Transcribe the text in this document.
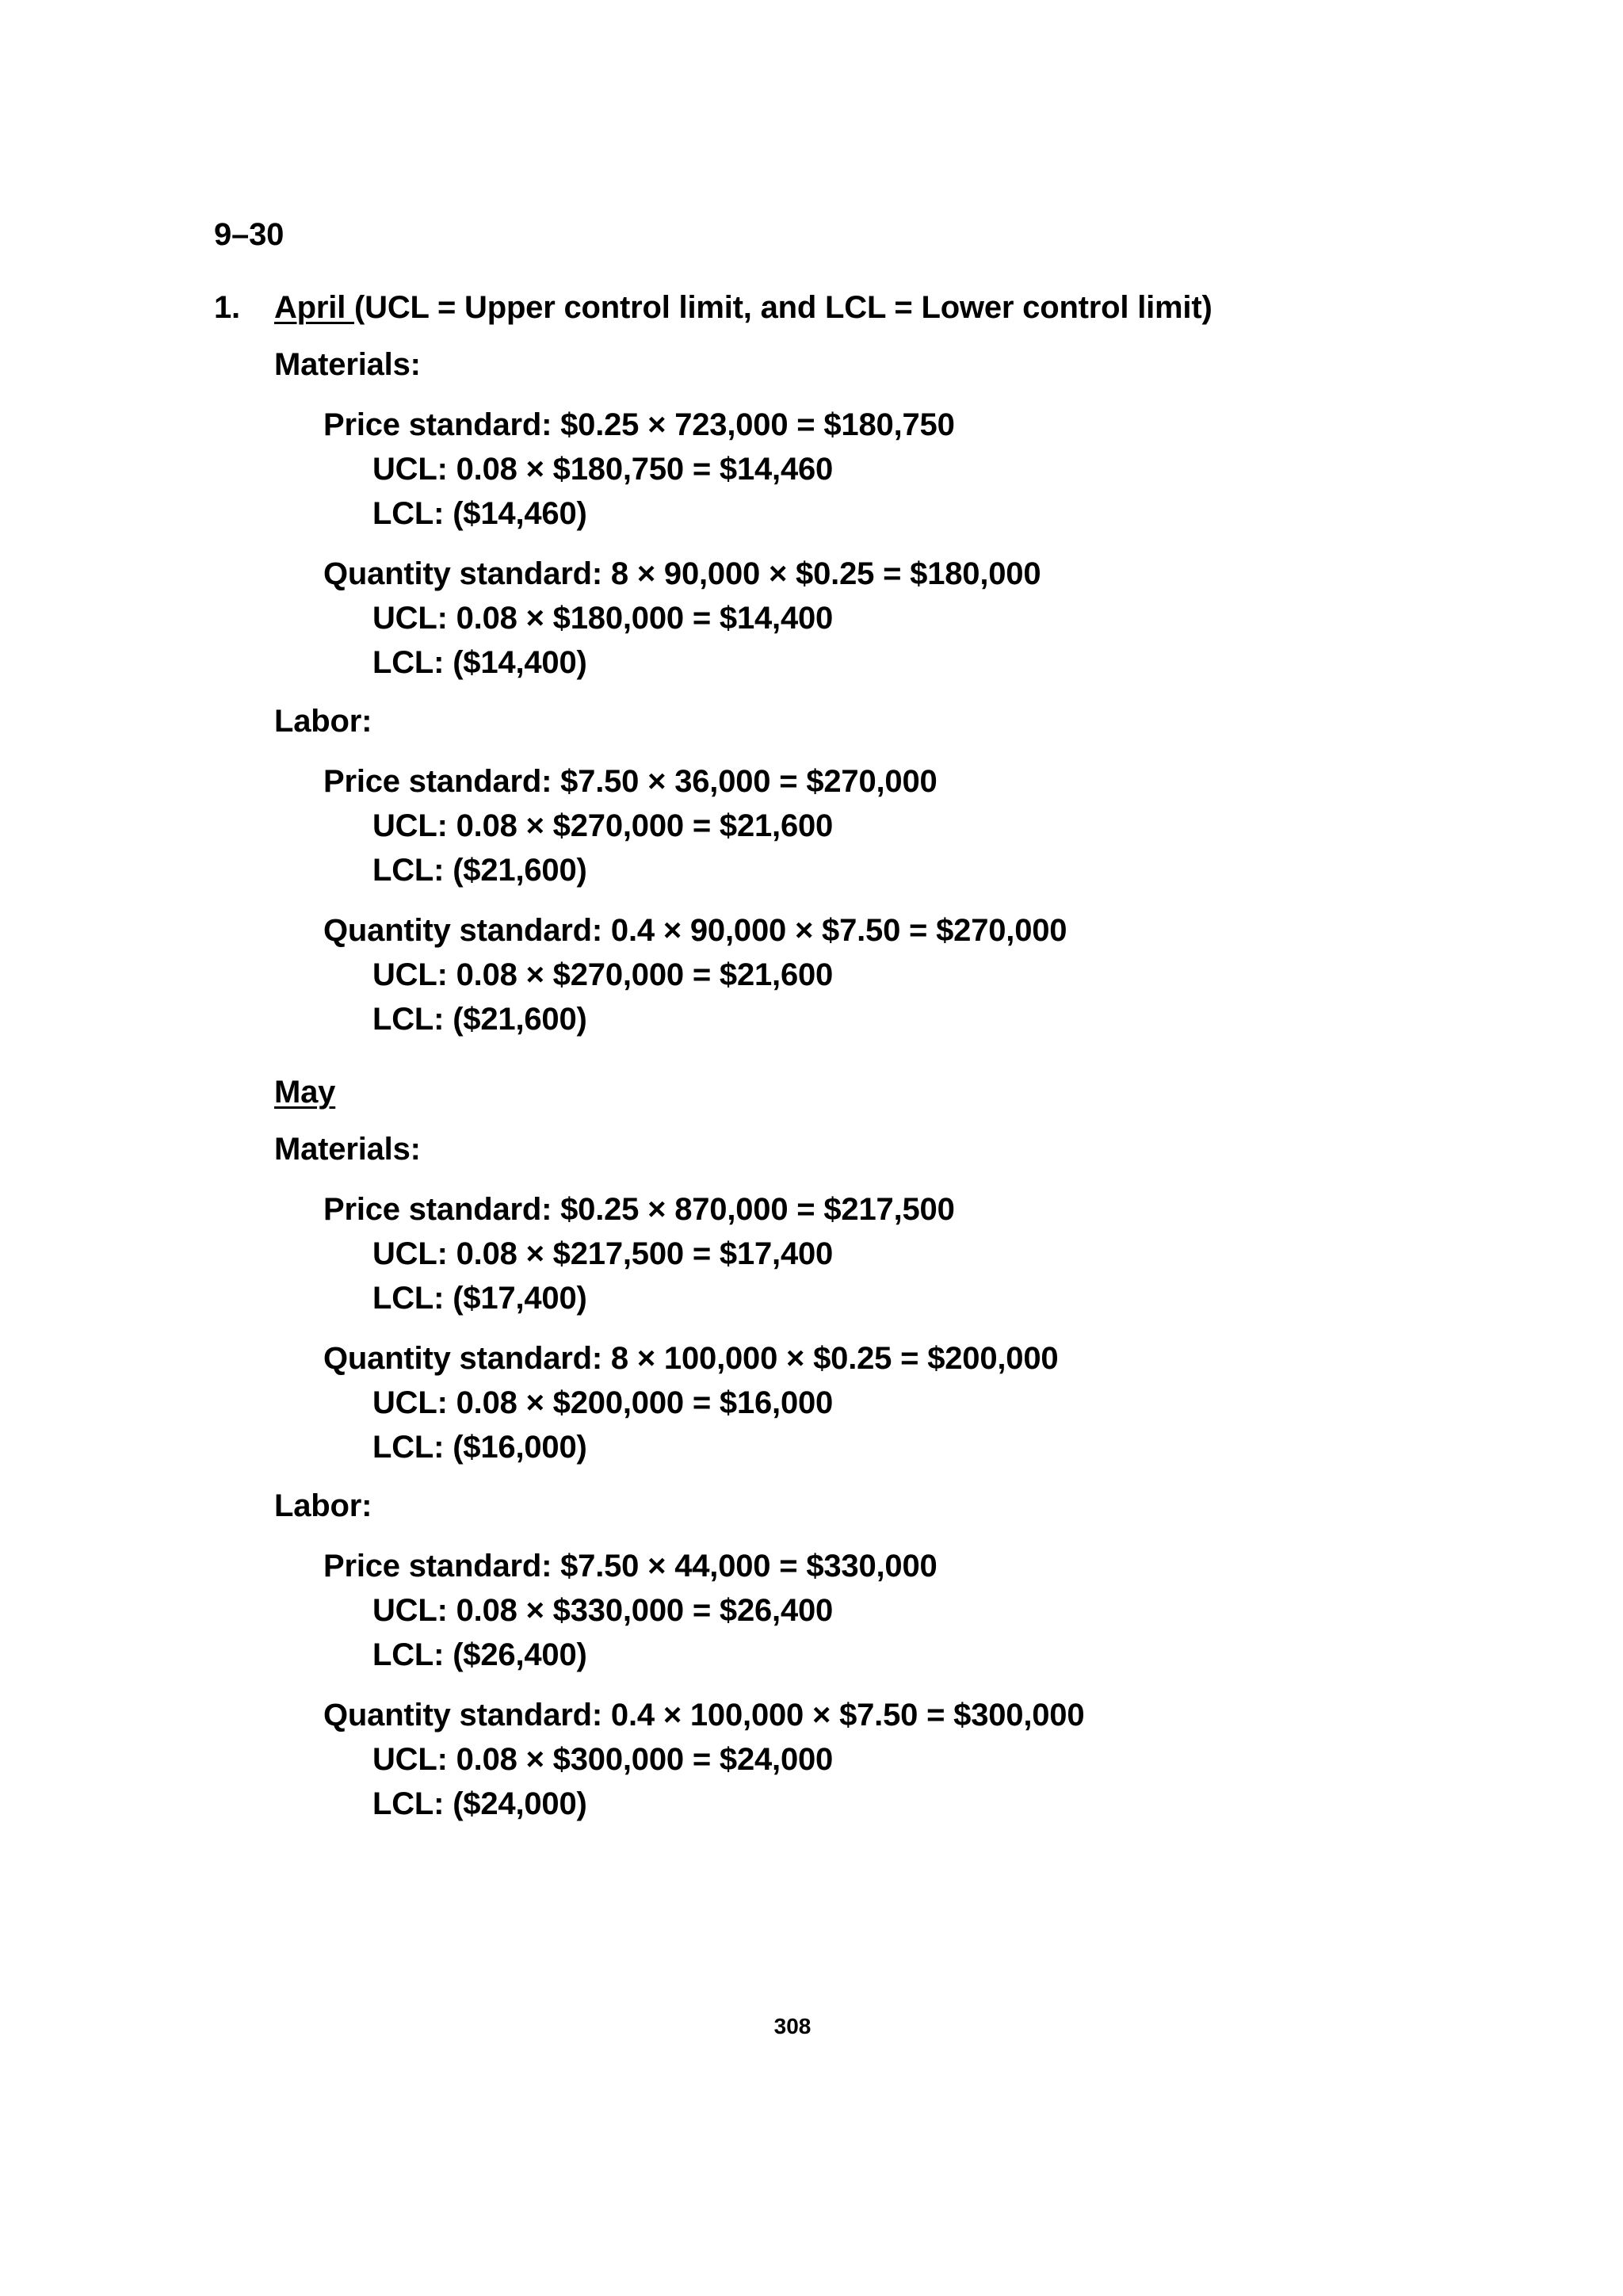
9–30
1. April (UCL = Upper control limit, and LCL = Lower control limit)
Materials:
Price standard: $0.25 × 723,000 = $180,750
UCL: 0.08 × $180,750 = $14,460
LCL: ($14,460)
Quantity standard: 8 × 90,000 × $0.25 = $180,000
UCL: 0.08 × $180,000 = $14,400
LCL: ($14,400)
Labor:
Price standard: $7.50 × 36,000 = $270,000
UCL: 0.08 × $270,000 = $21,600
LCL: ($21,600)
Quantity standard: 0.4 × 90,000 × $7.50 = $270,000
UCL: 0.08 × $270,000 = $21,600
LCL: ($21,600)
May
Materials:
Price standard: $0.25 × 870,000 = $217,500
UCL: 0.08 × $217,500 = $17,400
LCL: ($17,400)
Quantity standard: 8 × 100,000 × $0.25 = $200,000
UCL: 0.08 × $200,000 = $16,000
LCL: ($16,000)
Labor:
Price standard: $7.50 × 44,000 = $330,000
UCL: 0.08 × $330,000 = $26,400
LCL: ($26,400)
Quantity standard: 0.4 × 100,000 × $7.50 = $300,000
UCL: 0.08 × $300,000 = $24,000
LCL: ($24,000)
308
